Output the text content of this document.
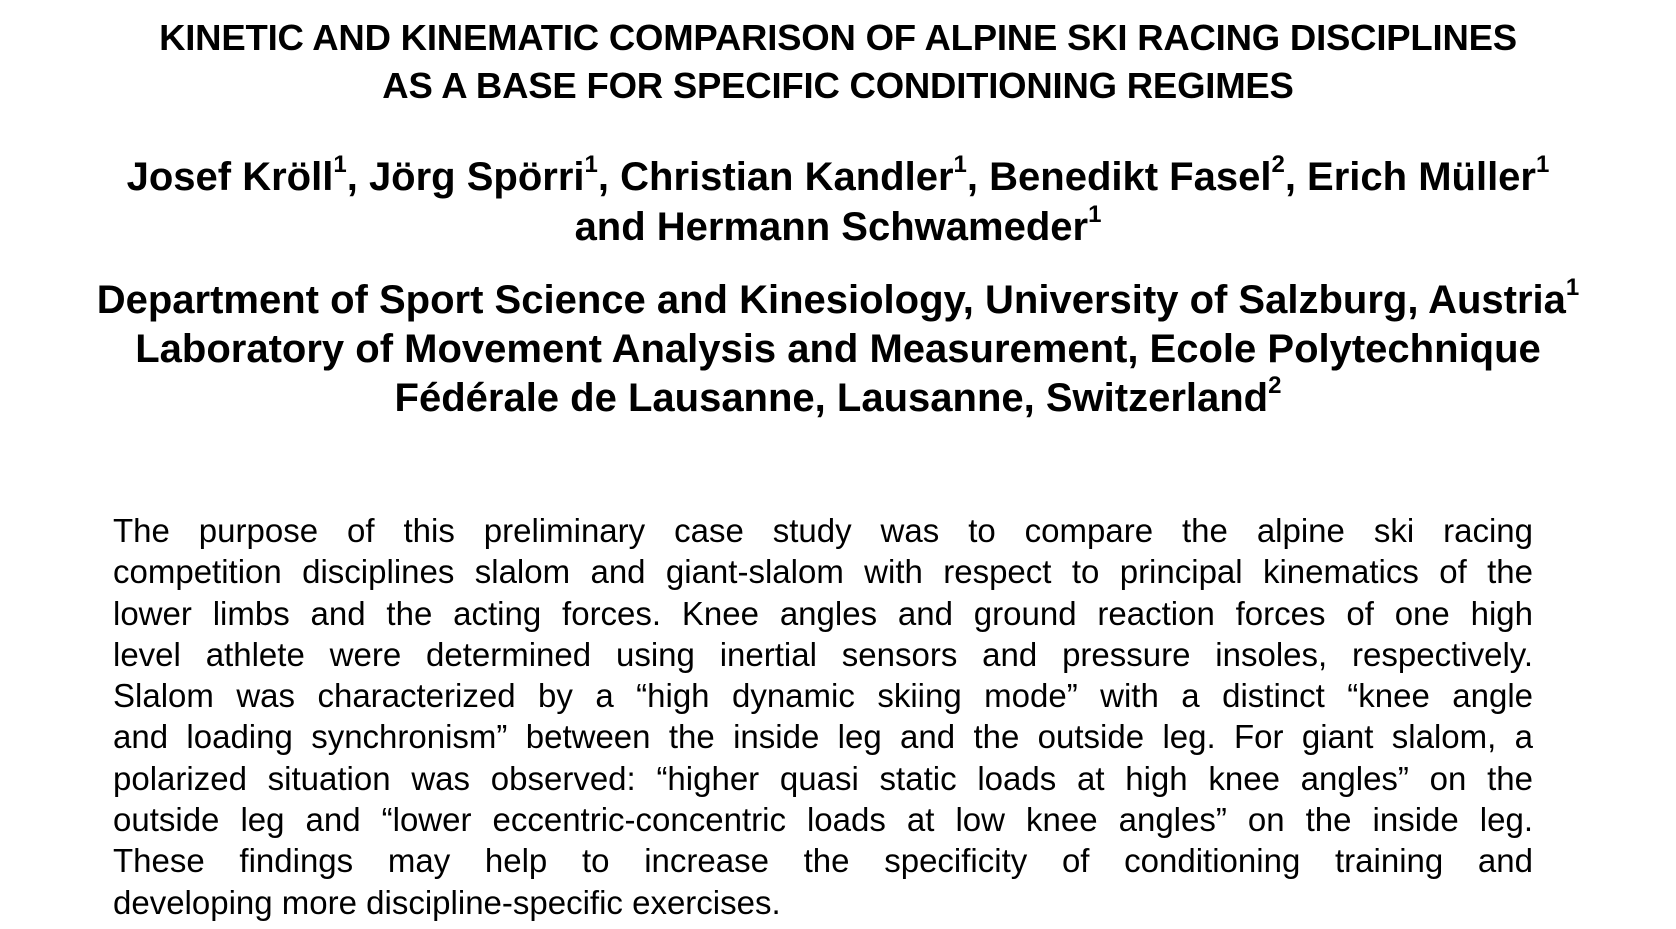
KINETIC AND KINEMATIC COMPARISON OF ALPINE SKI RACING DISCIPLINES
AS A BASE FOR SPECIFIC CONDITIONING REGIMES
Josef Kröll$^1$, Jörg Spörri$^1$, Christian Kandler$^1$, Benedikt Fasel$^2$, Erich Müller$^1$
and Hermann Schwameder$^1$
Department of Sport Science and Kinesiology, University of Salzburg, Austria$^1$
Laboratory of Movement Analysis and Measurement, Ecole Polytechnique
Fédérale de Lausanne, Lausanne, Switzerland$^2$
The purpose of this preliminary case study was to compare the alpine ski racing
competition disciplines slalom and giant-slalom with respect to principal kinematics of the
lower limbs and the acting forces. Knee angles and ground reaction forces of one high
level athlete were determined using inertial sensors and pressure insoles, respectively.
Slalom was characterized by a “high dynamic skiing mode” with a distinct “knee angle
and loading synchronism” between the inside leg and the outside leg. For giant slalom, a
polarized situation was observed: “higher quasi static loads at high knee angles” on the
outside leg and “lower eccentric-concentric loads at low knee angles” on the inside leg.
These findings may help to increase the specificity of conditioning training and
developing more discipline-specific exercises.
